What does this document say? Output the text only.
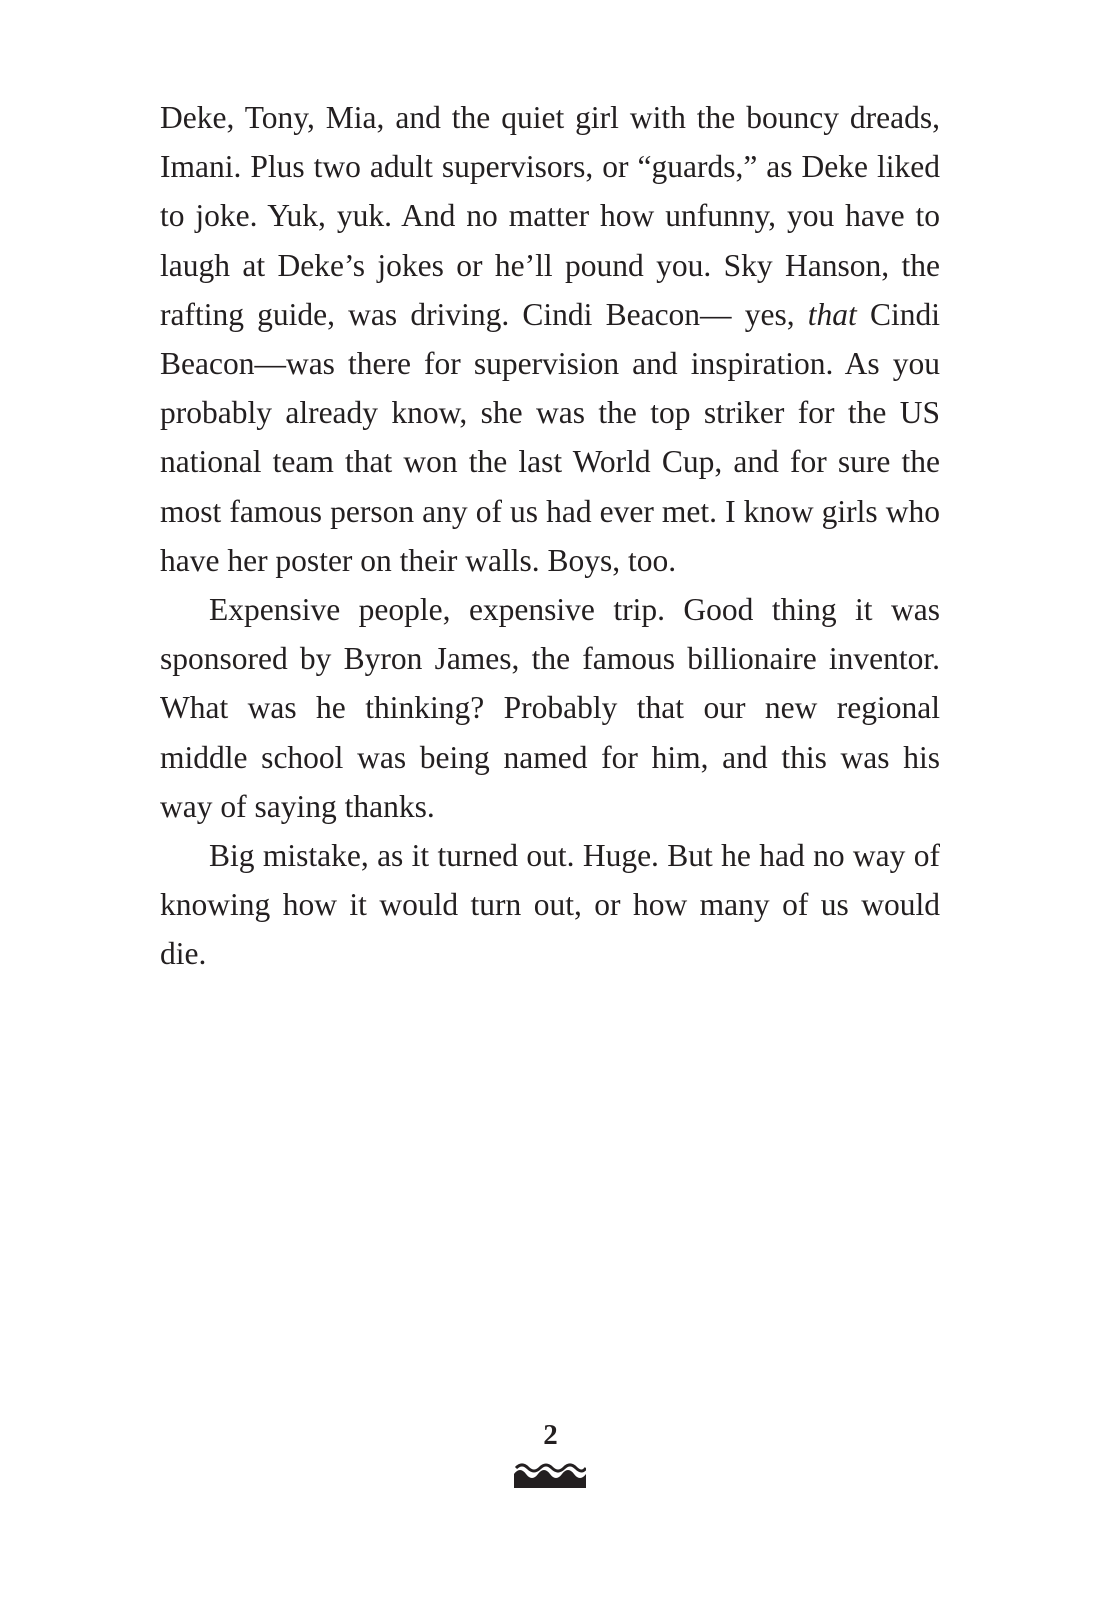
Deke, Tony, Mia, and the quiet girl with the bouncy dreads, Imani. Plus two adult supervisors, or “guards,” as Deke liked to joke. Yuk, yuk. And no matter how unfunny, you have to laugh at Deke’s jokes or he’ll pound you. Sky Hanson, the rafting guide, was driving. Cindi Beacon— yes, that Cindi Beacon—was there for supervision and inspiration. As you probably already know, she was the top striker for the US national team that won the last World Cup, and for sure the most famous person any of us had ever met. I know girls who have her poster on their walls. Boys, too.

Expensive people, expensive trip. Good thing it was sponsored by Byron James, the famous billionaire inventor. What was he thinking? Probably that our new regional middle school was being named for him, and this was his way of saying thanks.

Big mistake, as it turned out. Huge. But he had no way of knowing how it would turn out, or how many of us would die.

2
